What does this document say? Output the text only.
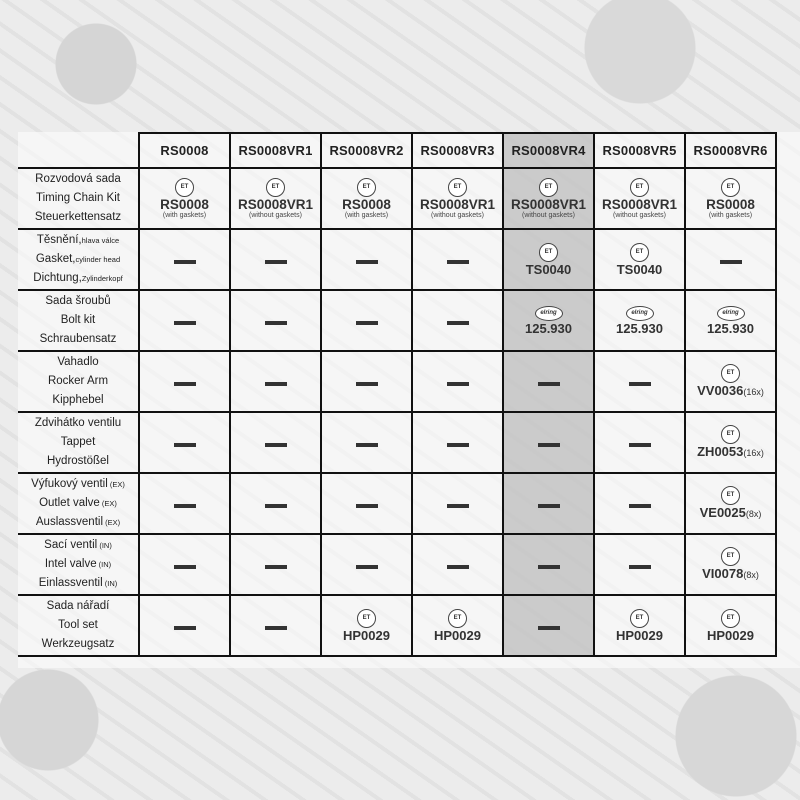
	RS0008	RS0008VR1	RS0008VR2	RS0008VR3	RS0008VR4	RS0008VR5	RS0008VR6
Rozvodová sada
Timing Chain Kit
Steuerkettensatz	ET
RS0008
(with gaskets)	ET
RS0008VR1
(without gaskets)	ET
RS0008
(with gaskets)	ET
RS0008VR1
(without gaskets)	ET
RS0008VR1
(without gaskets)	ET
RS0008VR1
(without gaskets)	ET
RS0008
(with gaskets)

Těsnění,hlava válce
Gasket,cylinder head
Dichtung,Zylinderkopf					ET
TS0040	ET
TS0040	

Sada šroubů
Bolt kit
Schraubensatz					elring
125.930	elring
125.930	elring
125.930

Vahadlo
Rocker Arm
Kipphebel							ET
VV0036(16x)

Zdvihátko ventilu
Tappet
Hydrostößel							ET
ZH0053(16x)

Výfukový ventil (EX)
Outlet valve (EX)
Auslassventil (EX)							ET
VE0025(8x)

Sací ventil (IN)
Intel valve (IN)
Einlassventil (IN)							ET
VI0078(8x)

Sada nářadí
Tool set
Werkzeugsatz			ET
HP0029	ET
HP0029		ET
HP0029	ET
HP0029
